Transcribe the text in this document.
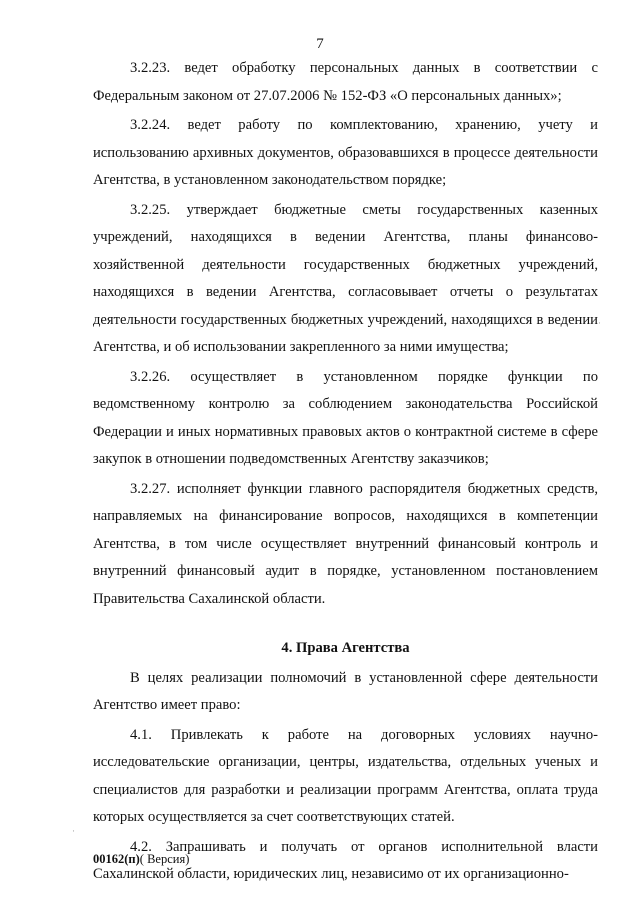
7

3.2.23. ведет обработку персональных данных в соответствии с Федеральным законом от 27.07.2006 № 152-ФЗ «О персональных данных»;

3.2.24. ведет работу по комплектованию, хранению, учету и использованию архивных документов, образовавшихся в процессе деятельности Агентства, в установленном законодательством порядке;

3.2.25. утверждает бюджетные сметы государственных казенных учреждений, находящихся в ведении Агентства, планы финансово-хозяйственной деятельности государственных бюджетных учреждений, находящихся в ведении Агентства, согласовывает отчеты о результатах деятельности государственных бюджетных учреждений, находящихся в ведении Агентства, и об использовании закрепленного за ними имущества;

3.2.26. осуществляет в установленном порядке функции по ведомственному контролю за соблюдением законодательства Российской Федерации и иных нормативных правовых актов о контрактной системе в сфере закупок в отношении подведомственных Агентству заказчиков;

3.2.27. исполняет функции главного распорядителя бюджетных средств, направляемых на финансирование вопросов, находящихся в компетенции Агентства, в том числе осуществляет внутренний финансовый контроль и внутренний финансовый аудит в порядке, установленном постановлением Правительства Сахалинской области.

4. Права Агентства

В целях реализации полномочий в установленной сфере деятельности Агентство имеет право:

4.1. Привлекать к работе на договорных условиях научно-исследовательские организации, центры, издательства, отдельных ученых и специалистов для разработки и реализации программ Агентства, оплата труда которых осуществляется за счет соответствующих статей.

4.2. Запрашивать и получать от органов исполнительной власти Сахалинской области, юридических лиц, независимо от их организационно-

00162(п)( Версия)
·
·
